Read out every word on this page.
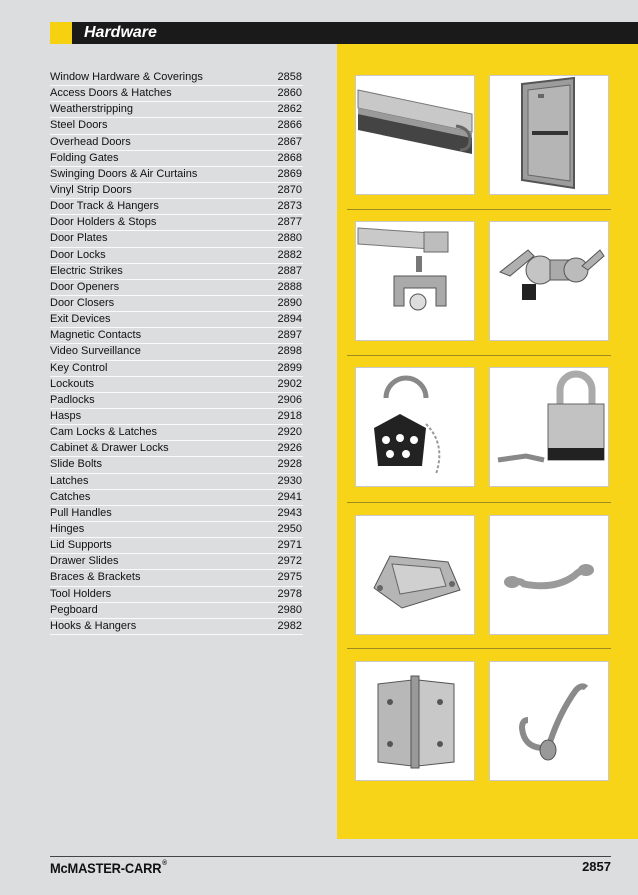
Hardware
Window Hardware & Coverings	2858
Access Doors & Hatches	2860
Weatherstripping	2862
Steel Doors	2866
Overhead Doors	2867
Folding Gates	2868
Swinging Doors & Air Curtains	2869
Vinyl Strip Doors	2870
Door Track & Hangers	2873
Door Holders & Stops	2877
Door Plates	2880
Door Locks	2882
Electric Strikes	2887
Door Openers	2888
Door Closers	2890
Exit Devices	2894
Magnetic Contacts	2897
Video Surveillance	2898
Key Control	2899
Lockouts	2902
Padlocks	2906
Hasps	2918
Cam Locks & Latches	2920
Cabinet & Drawer Locks	2926
Slide Bolts	2928
Latches	2930
Catches	2941
Pull Handles	2943
Hinges	2950
Lid Supports	2971
Drawer Slides	2972
Braces & Brackets	2975
Tool Holders	2978
Pegboard	2980
Hooks & Hangers	2982
McMASTER-CARR®	2857
